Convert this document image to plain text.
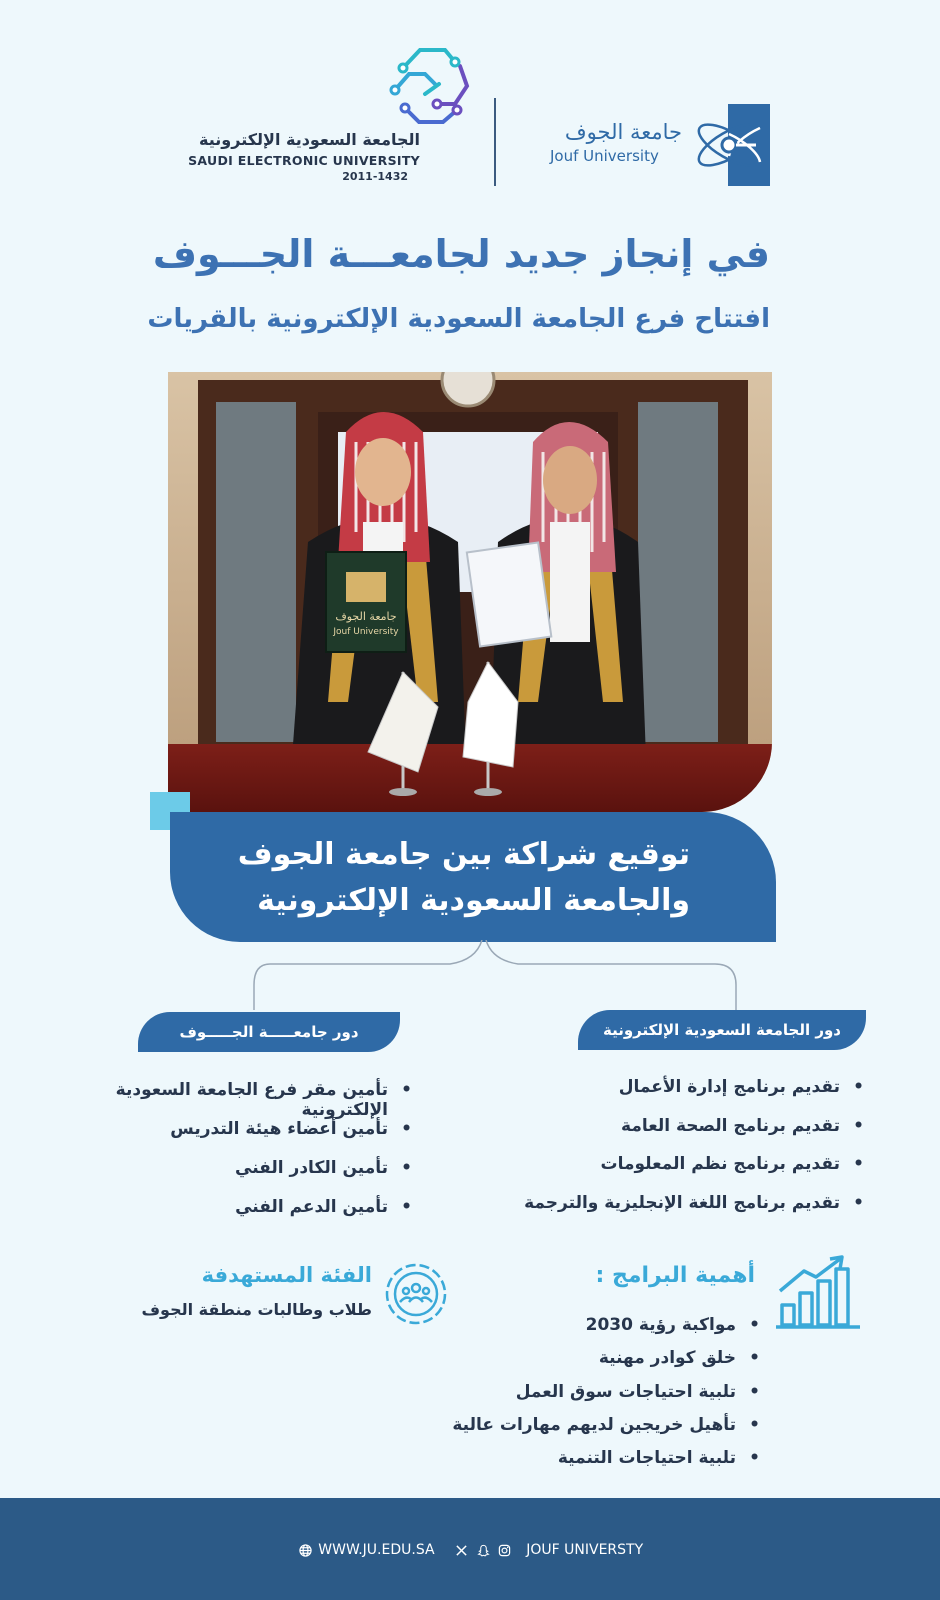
الجامعة السعودية الإلكترونية
SAUDI ELECTRONIC UNIVERSITY
2011-1432
جامعة الجوف
Jouf University
في إنجاز جديد لجامعـــة الجـــوف
افتتاح فرع الجامعة السعودية الإلكترونية بالقريات
جامعة الجوف
Jouf University
توقيع شراكة بين جامعة الجوف
والجامعة السعودية الإلكترونية
دور الجامعة السعودية الإلكترونية
دور جامعـــــة الجـــــوف
• تقديم برنامج إدارة الأعمال
• تقديم برنامج الصحة العامة
• تقديم برنامج نظم المعلومات
• تقديم برنامج اللغة الإنجليزية والترجمة
• تأمين مقر فرع الجامعة السعودية الإلكترونية
• تأمين أعضاء هيئة التدريس
• تأمين الكادر الفني
• تأمين الدعم الفني
أهمية البرامج :
• مواكبة رؤية 2030
• خلق كوادر مهنية
• تلبية احتياجات سوق العمل
• تأهيل خريجين لديهم مهارات عالية
• تلبية احتياجات التنمية
الفئة المستهدفة
طلاب وطالبات منطقة الجوف
WWW.JU.EDU.SA	JOUF UNIVERSTY
